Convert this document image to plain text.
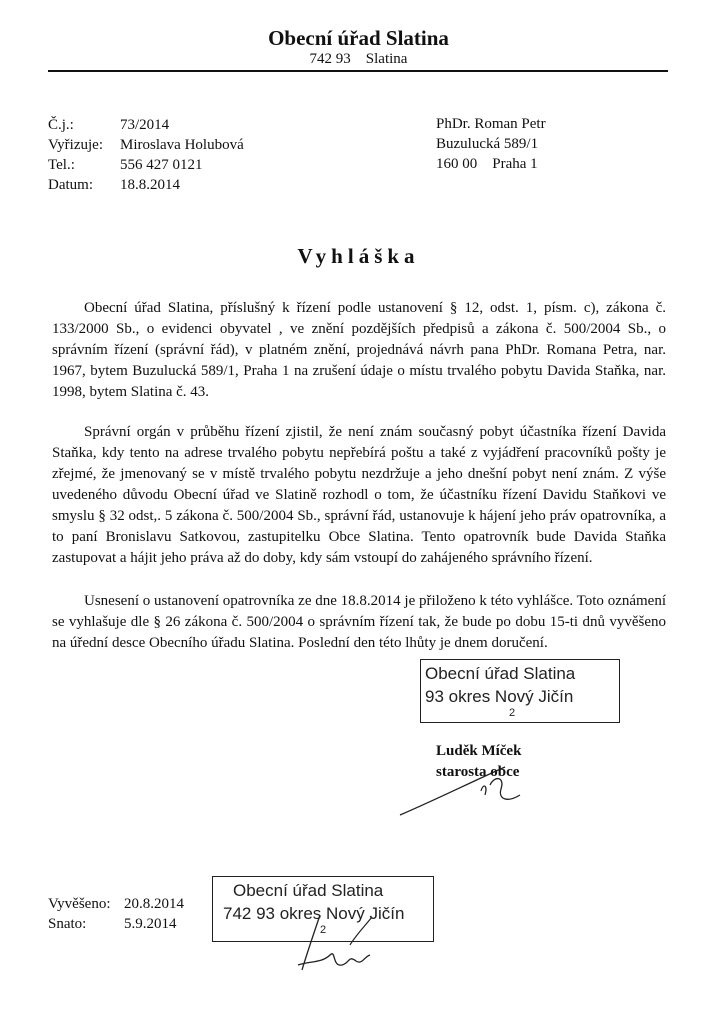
Obecní úřad Slatina
742 93    Slatina
Č.j.:	73/2014
Vyřizuje:	Miroslava Holubová
Tel.:	556 427 0121
Datum:	18.8.2014
PhDr. Roman Petr
Buzulucká 589/1
160 00    Praha 1
Vyhláška

Obecní úřad Slatina, příslušný k řízení podle ustanovení § 12, odst. 1, písm. c), zákona č. 133/2000 Sb., o evidenci obyvatel , ve znění pozdějších předpisů a zákona č. 500/2004 Sb., o správním řízení (správní řád), v platném znění, projednává návrh pana PhDr. Romana Petra, nar. 1967, bytem Buzulucká 589/1, Praha 1 na zrušení údaje o místu trvalého pobytu Davida Staňka, nar. 1998, bytem Slatina č. 43.

Správní orgán v průběhu řízení zjistil, že není znám současný pobyt účastníka řízení Davida Staňka, kdy tento na adrese trvalého pobytu nepřebírá poštu a také z vyjádření pracovníků pošty je zřejmé, že jmenovaný se v místě trvalého pobytu nezdržuje a jeho dnešní pobyt není znám. Z výše uvedeného důvodu Obecní úřad ve Slatině rozhodl o tom, že účastníku řízení Davidu Staňkovi ve smyslu § 32 odst,. 5 zákona č. 500/2004 Sb., správní řád, ustanovuje k hájení jeho práv opatrovníka, a to paní Bronislavu Satkovou, zastupitelku Obce Slatina. Tento opatrovník bude Davida Staňka zastupovat a hájit jeho práva až do doby, kdy sám vstoupí do zahájeného správního řízení.

Usnesení o ustanovení opatrovníka ze dne 18.8.2014 je přiloženo k této vyhlášce. Toto oznámení se vyhlašuje dle § 26 zákona č. 500/2004 o správním řízení tak, že bude po dobu 15-ti dnů vyvěšeno na úřední desce Obecního úřadu Slatina. Poslední den této lhůty je dnem doručení.

Obecní úřad Slatina
93 okres Nový Jičín
2
Luděk Míček
starosta obce
Vyvěšeno: 20.8.2014
Snato:	5.9.2014
Obecní úřad Slatina
742 93 okres Nový Jičín
2
